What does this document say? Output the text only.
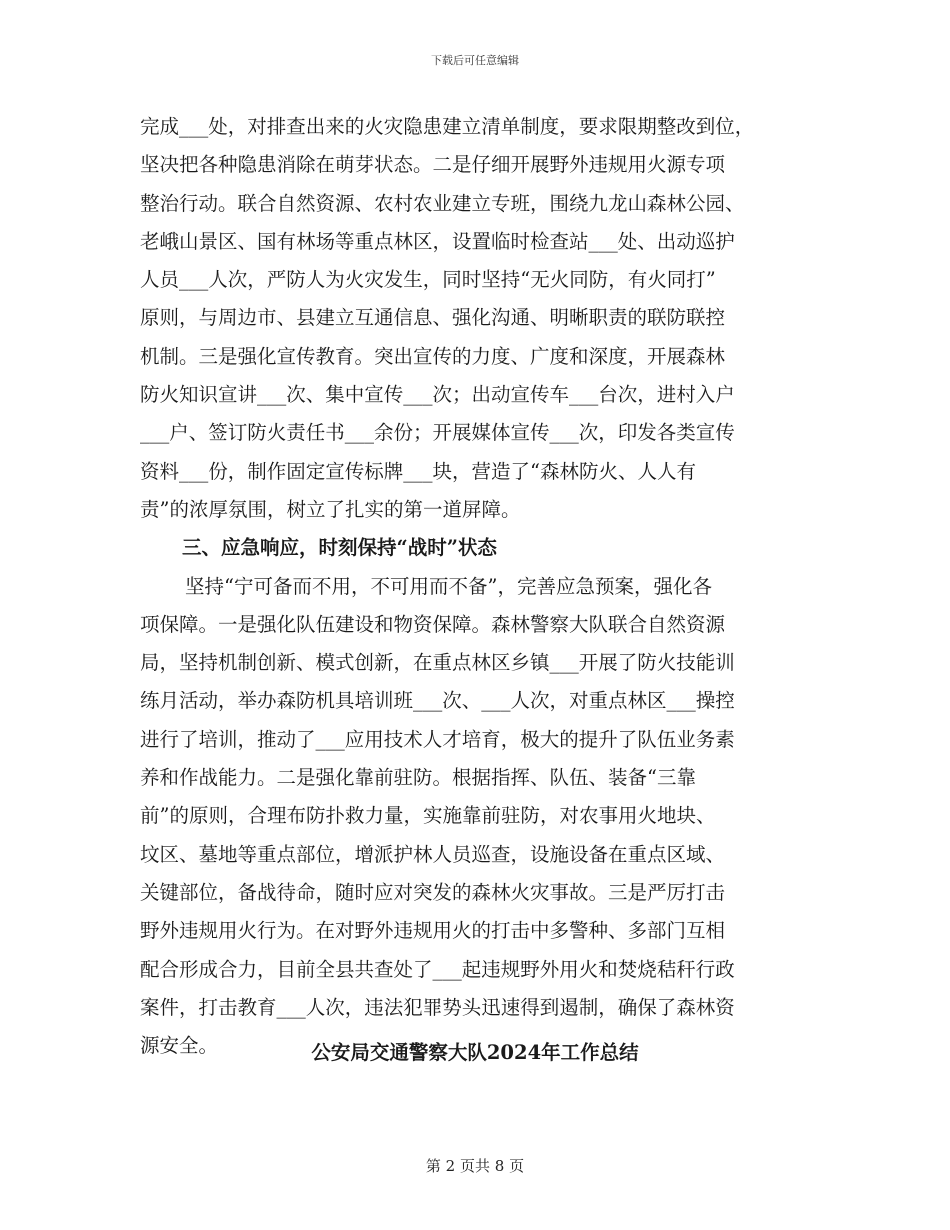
下载后可任意编辑
完成___处，对排查出来的火灾隐患建立清单制度，要求限期整改到位，
坚决把各种隐患消除在萌芽状态。二是仔细开展野外违规用火源专项
整治行动。联合自然资源、农村农业建立专班，围绕九龙山森林公园、
老峨山景区、国有林场等重点林区，设置临时检查站___处、出动巡护
人员___人次，严防人为火灾发生，同时坚持“无火同防，有火同打”
原则，与周边市、县建立互通信息、强化沟通、明晰职责的联防联控
机制。三是强化宣传教育。突出宣传的力度、广度和深度，开展森林
防火知识宣讲___次、集中宣传___次；出动宣传车___台次，进村入户
___户、签订防火责任书___余份；开展媒体宣传___次，印发各类宣传
资料___份，制作固定宣传标牌___块，营造了“森林防火、人人有
责”的浓厚氛围，树立了扎实的第一道屏障。
三、应急响应，时刻保持“战时”状态
坚持“宁可备而不用，不可用而不备”，完善应急预案，强化各
项保障。一是强化队伍建设和物资保障。森林警察大队联合自然资源
局，坚持机制创新、模式创新，在重点林区乡镇___开展了防火技能训
练月活动，举办森防机具培训班___次、___人次，对重点林区___操控
进行了培训，推动了___应用技术人才培育，极大的提升了队伍业务素
养和作战能力。二是强化靠前驻防。根据指挥、队伍、装备“三靠
前”的原则，合理布防扑救力量，实施靠前驻防，对农事用火地块、
坟区、墓地等重点部位，增派护林人员巡查，设施设备在重点区域、
关键部位，备战待命，随时应对突发的森林火灾事故。三是严厉打击
野外违规用火行为。在对野外违规用火的打击中多警种、多部门互相
配合形成合力，目前全县共查处了___起违规野外用火和焚烧秸秆行政
案件，打击教育___人次，违法犯罪势头迅速得到遏制，确保了森林资
源安全。	公安局交通警察大队2024年工作总结
第 2 页共 8 页
